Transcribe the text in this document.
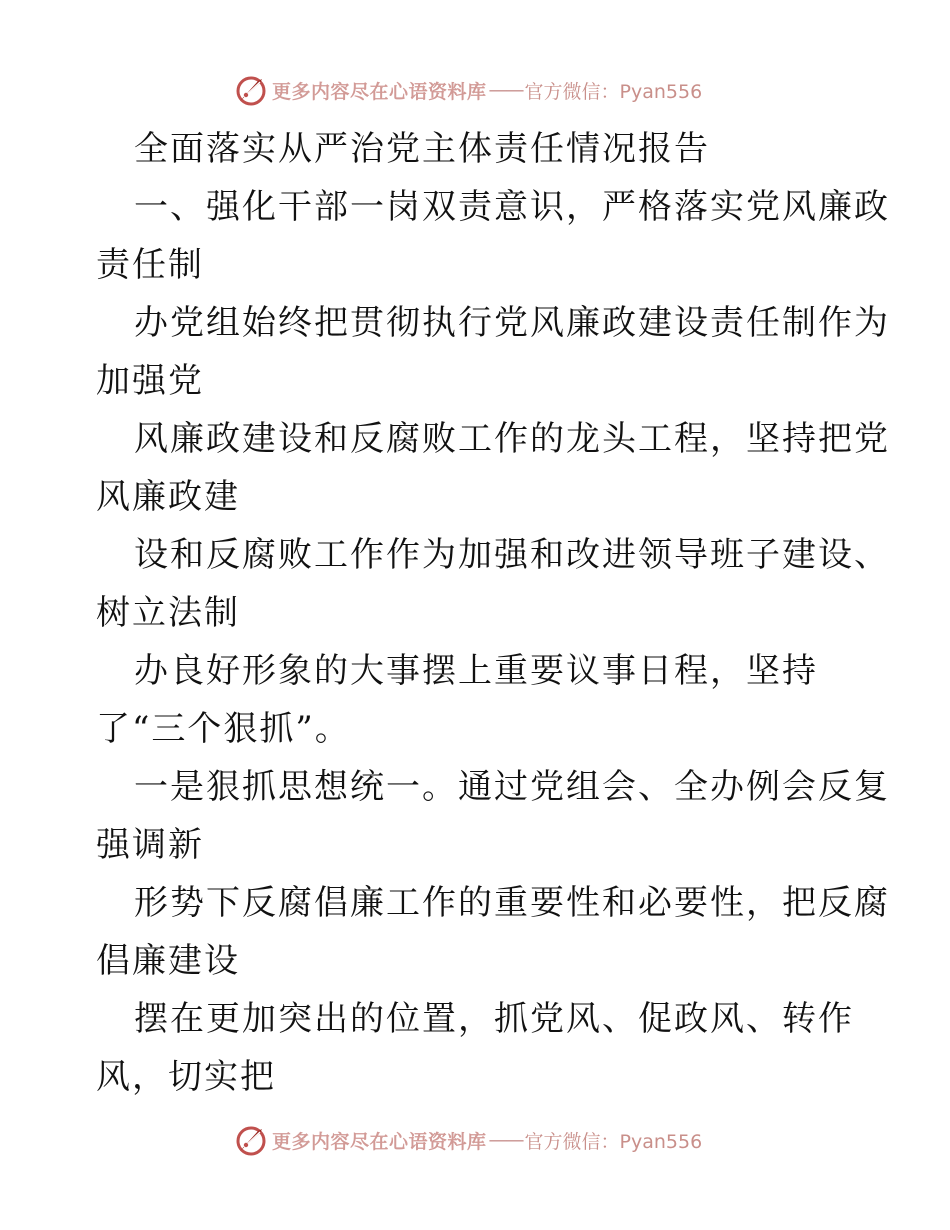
更多内容尽在心语资料库 —— 官方微信：Pyan556
全面落实从严治党主体责任情况报告
一、强化干部一岗双责意识，严格落实党风廉政
责任制
办党组始终把贯彻执行党风廉政建设责任制作为
加强党
风廉政建设和反腐败工作的龙头工程，坚持把党
风廉政建
设和反腐败工作作为加强和改进领导班子建设、
树立法制
办良好形象的大事摆上重要议事日程，坚持
了“三个狠抓”。
一是狠抓思想统一。通过党组会、全办例会反复
强调新
形势下反腐倡廉工作的重要性和必要性，把反腐
倡廉建设
摆在更加突出的位置，抓党风、促政风、转作
风，切实把
更多内容尽在心语资料库 —— 官方微信：Pyan556
